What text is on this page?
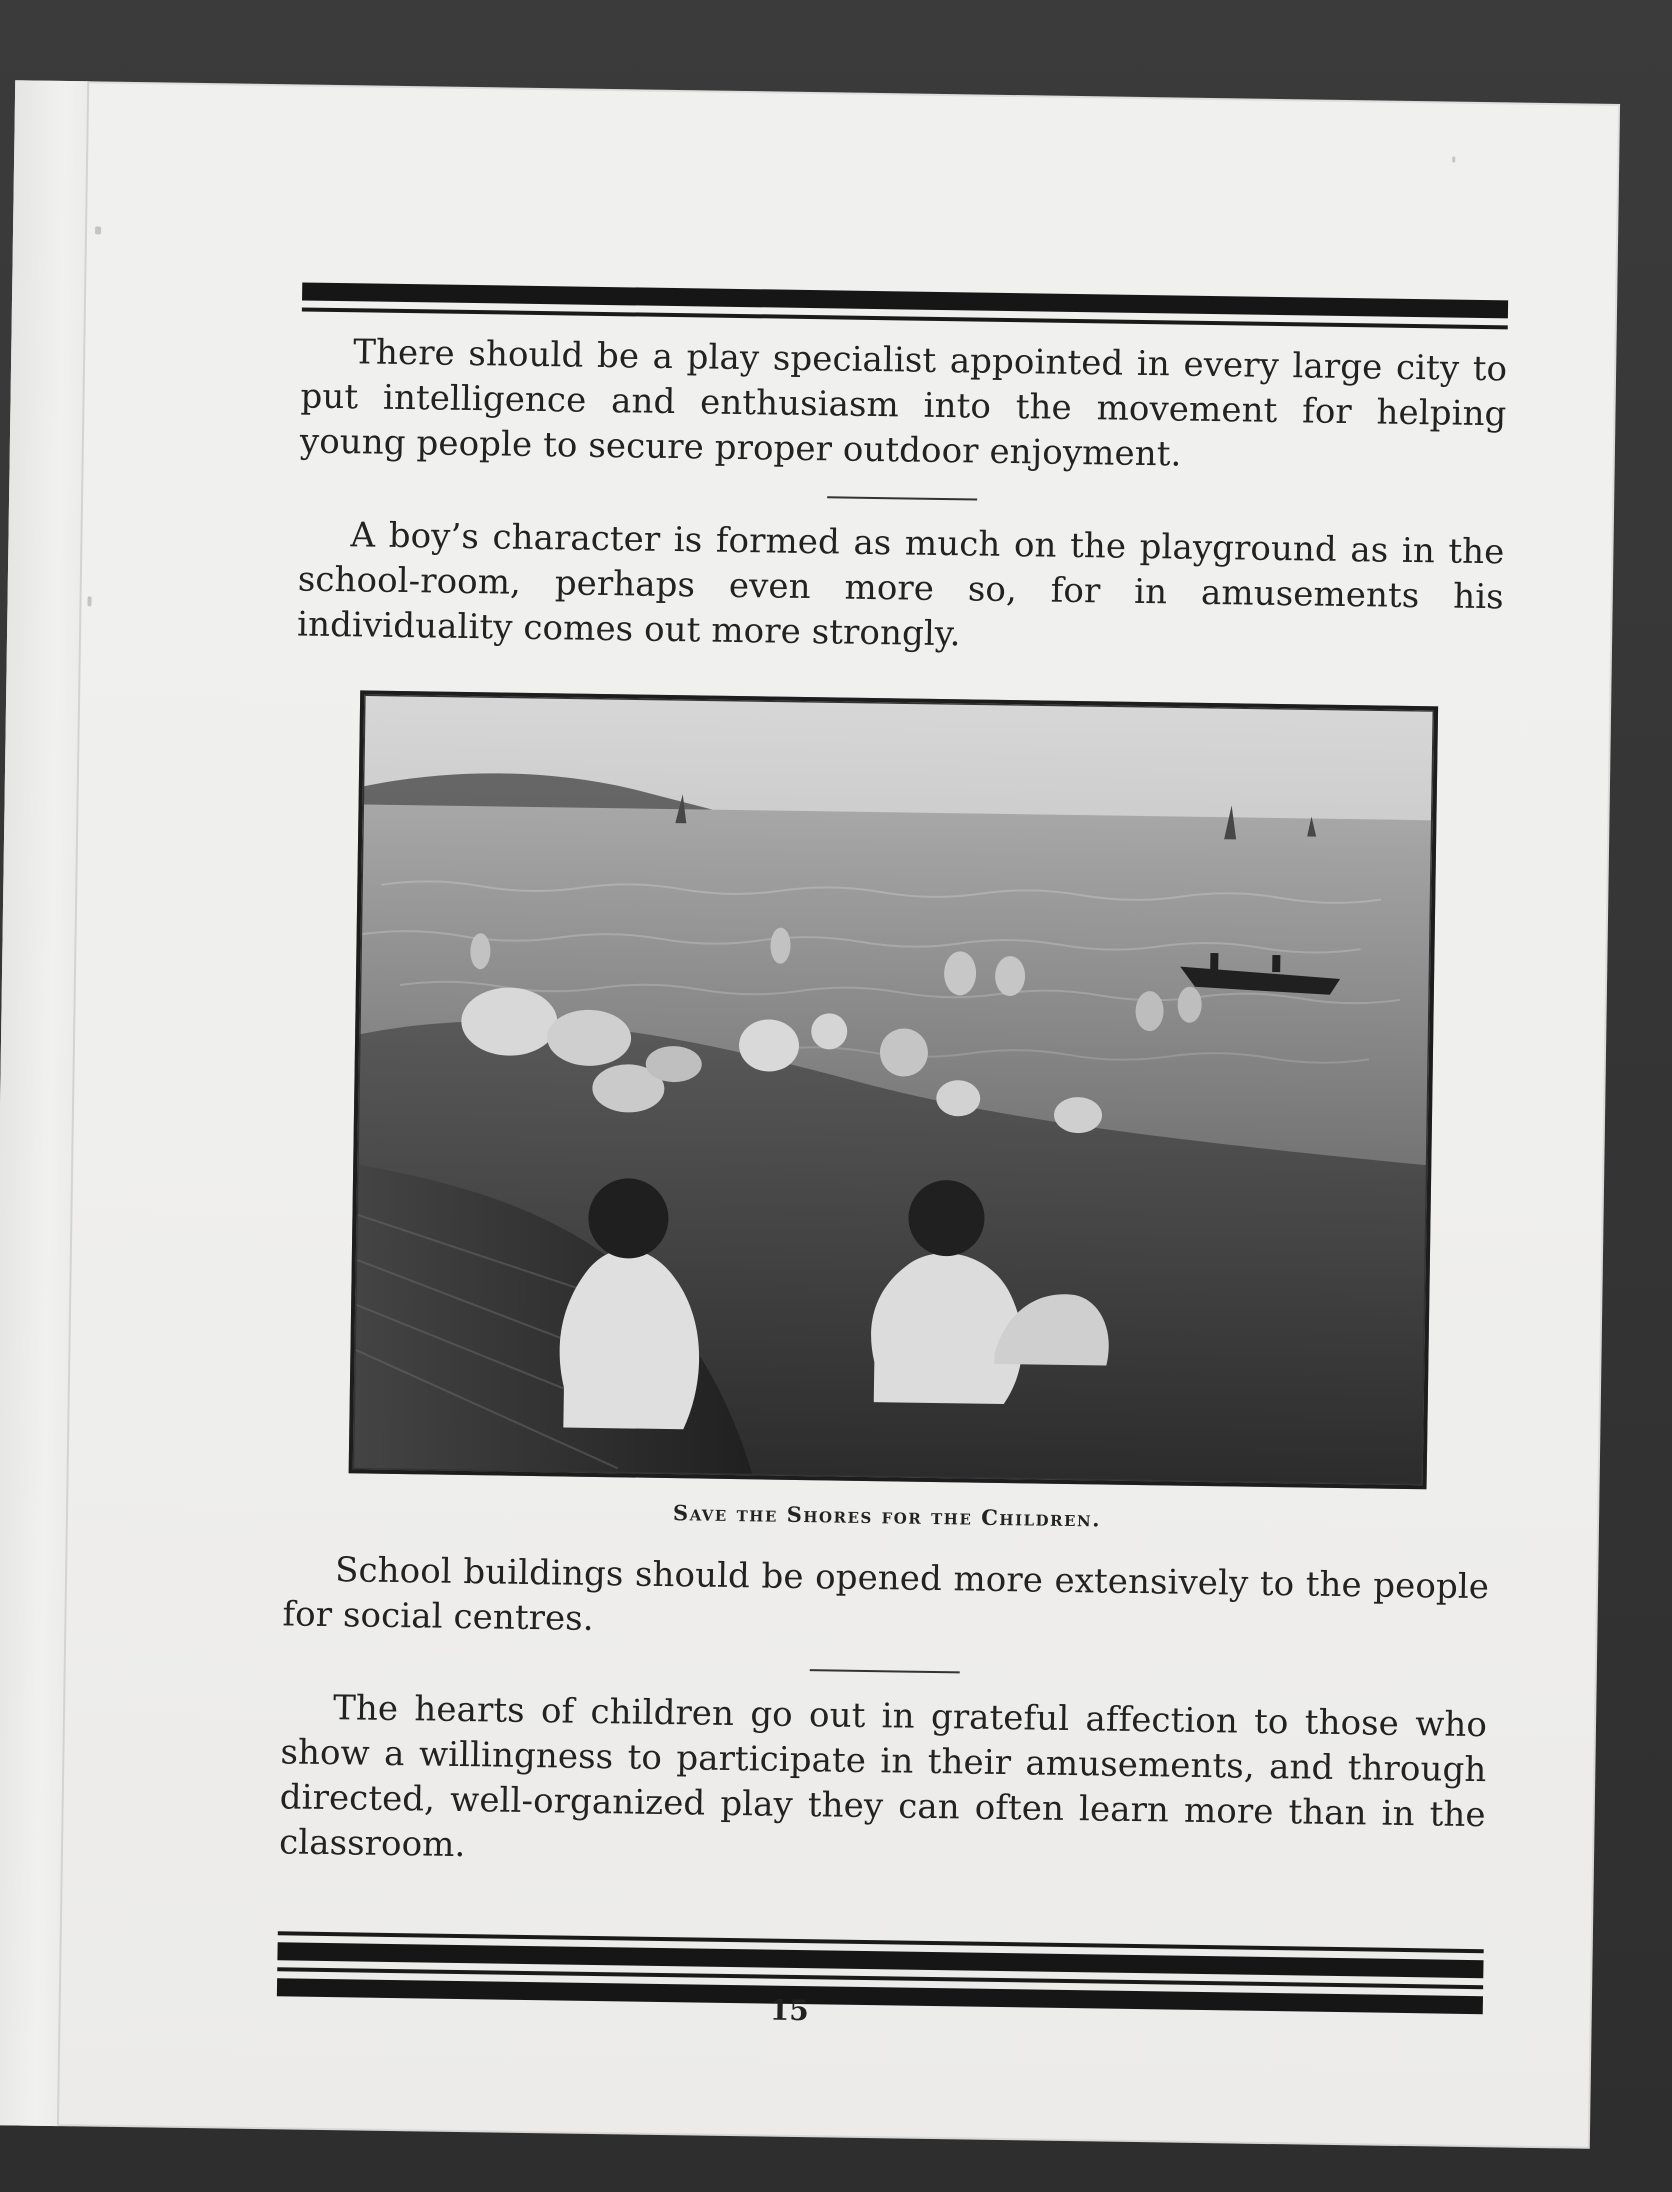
There should be a play specialist appointed in every large city to put intelligence and enthusiasm into the movement for helping young people to secure proper outdoor enjoyment.

A boy’s character is formed as much on the playground as in the school-room, perhaps even more so, for in amusements his individuality comes out more strongly.

Save the Shores for the Children.

School buildings should be opened more extensively to the people for social centres.

The hearts of children go out in grateful affection to those who show a willingness to participate in their amusements, and through directed, well-organized play they can often learn more than in the classroom.

15
